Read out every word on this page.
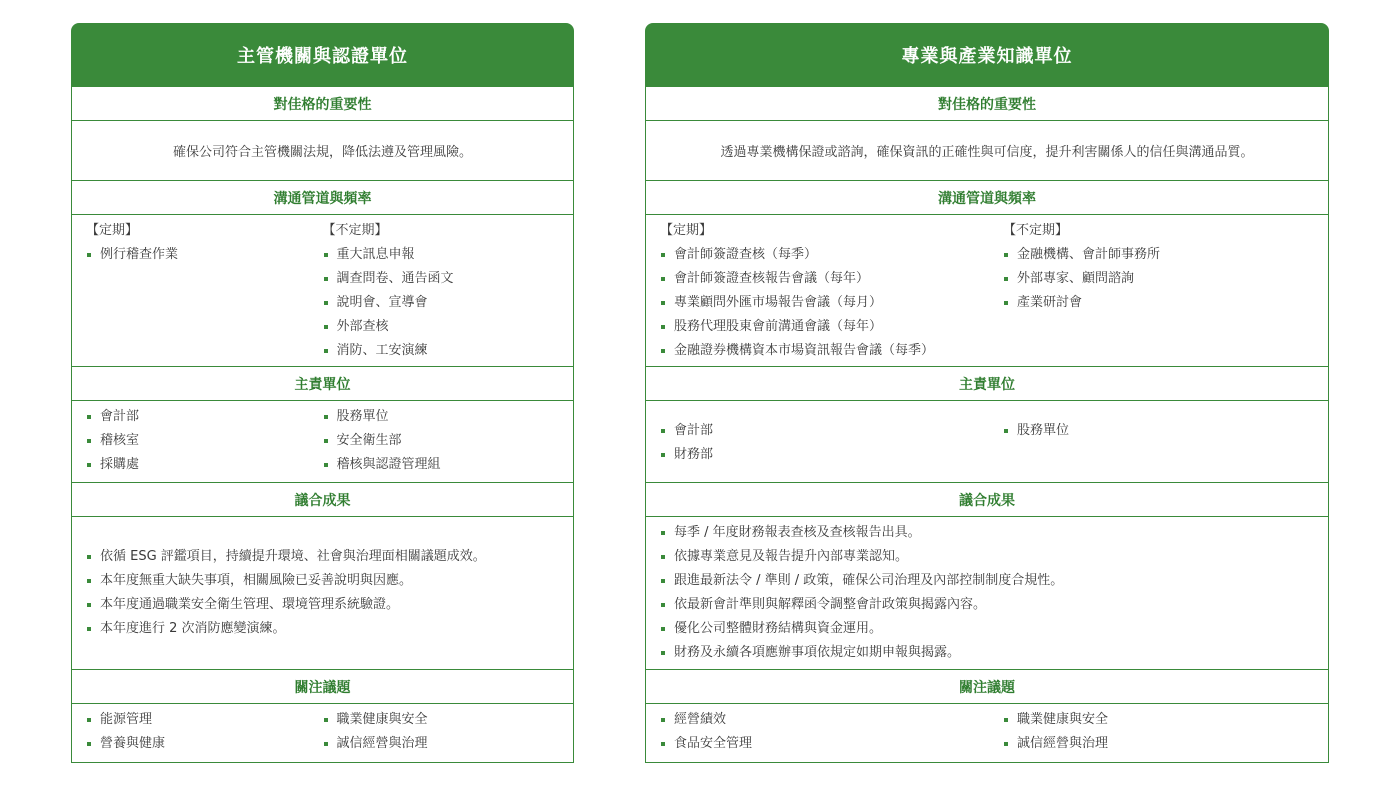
主管機關與認證單位
對佳格的重要性
確保公司符合主管機關法規，降低法遵及管理風險。
溝通管道與頻率
【定期】
例行稽查作業
【不定期】
重大訊息申報
調查問卷、通告函文
說明會、宣導會
外部查核
消防、工安演練
主責單位
會計部
稽核室
採購處
股務單位
安全衛生部
稽核與認證管理組
議合成果
依循 ESG 評鑑項目，持續提升環境、社會與治理面相關議題成效。
本年度無重大缺失事項，相關風險已妥善說明與因應。
本年度通過職業安全衛生管理、環境管理系統驗證。
本年度進行 2 次消防應變演練。
關注議題
能源管理
營養與健康
職業健康與安全
誠信經營與治理
專業與產業知識單位
對佳格的重要性
透過專業機構保證或諮詢，確保資訊的正確性與可信度，提升利害關係人的信任與溝通品質。
溝通管道與頻率
【定期】
會計師簽證查核（每季）
會計師簽證查核報告會議（每年）
專業顧問外匯市場報告會議（每月）
股務代理股東會前溝通會議（每年）
金融證券機構資本市場資訊報告會議（每季）
【不定期】
金融機構、會計師事務所
外部專家、顧問諮詢
產業研討會
主責單位
會計部
財務部
股務單位
議合成果
每季 / 年度財務報表查核及查核報告出具。
依據專業意見及報告提升內部專業認知。
跟進最新法令 / 準則 / 政策，確保公司治理及內部控制制度合規性。
依最新會計準則與解釋函令調整會計政策與揭露內容。
優化公司整體財務結構與資金運用。
財務及永續各項應辦事項依規定如期申報與揭露。
關注議題
經營績效
食品安全管理
職業健康與安全
誠信經營與治理
